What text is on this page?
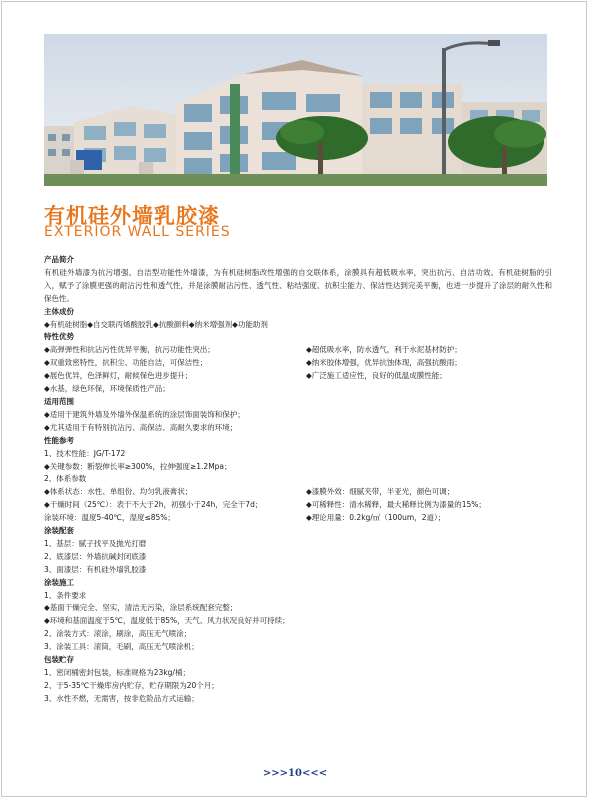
有机硅外墙乳胶漆
EXTERIOR WALL SERIES
产品简介
有机硅外墙漆为抗污增强、自洁型功能性外墙漆，为有机硅树脂改性增强的自交联体系，涂膜具有超低吸水率，突出抗污、自洁功效。有机硅树脂的引入，赋予了涂膜更强的耐沾污性和透气性，并是涂膜耐沾污性、透气性、粘结强度、抗积尘能力、保洁性达到完美平衡，也进一步提升了涂层的耐久性和保色性。
主体成份
◆有机硅树脂◆自交联丙烯酸胶乳◆抗酸颜料◆纳米增强剂◆功能助剂
特性优势
◆高弹弹性和抗沾污性优异平衡，抗污功能性突出；	◆超低吸水率，防水透气，利于水泥基材防护；
◆双重致密特性，抗积尘、功能自洁，可保洁性；	◆纳米胶体增强，优异抗蚀体现，高强抗酸雨；
◆展色优异，色泽鲜灯，耐候保色进步提升；	◆广泛施工适应性，良好的低温成膜性能；
◆水基，绿色环保，环境保质性产品；
适用范围
◆适用于建筑外墙及外墙外保温系统的涂层饰面装饰和保护；
◆尤其适用于有特别抗沾污、高保洁、高耐久要求的环境；
性能参考
1、技术性能：JG/T-172
◆关键参数：断裂伸长率≥300%，拉伸强度≥1.2Mpa；
2、体系参数
◆体系状态：水性、单组份、均匀乳液膏状；	◆漆膜外效：细腻夹带，半亚光，颜色可调；
◆干燥时间（25℃）：表干不大于2h，初强小于24h，完全干7d；	◆可稀释性：清水稀释，最大稀释比例为漆量的15%；
涂装环境：温度5-40℃，湿度≤85%；	◆理论用量：0.2kg/㎡（100um，2道）；
涂装配套
1、基层：腻子找平及抛光打磨
2、底漆层：外墙抗碱封闭底漆
3、面漆层：有机硅外墙乳胶漆
涂装施工
1、条件要求
◆基面干燥完全、坚实，清洁无污染，涂层系统配套完整；
◆环境和基面温度于5℃，温度低于85%，天气、风力状况良好并可持续；
2、涂装方式：滚涂，刷涂，高压无气喷涂；
3、涂装工具：滚筒，毛刷，高压无气喷涂机；
包装贮存
1、密闭桶密封包装，标准规格为23kg/桶；
2、于5-35℃干燥库房内贮存，贮存期限为20个月；
3、水性不燃，无需害，按非危险品方式运输；
>>>10<<<
